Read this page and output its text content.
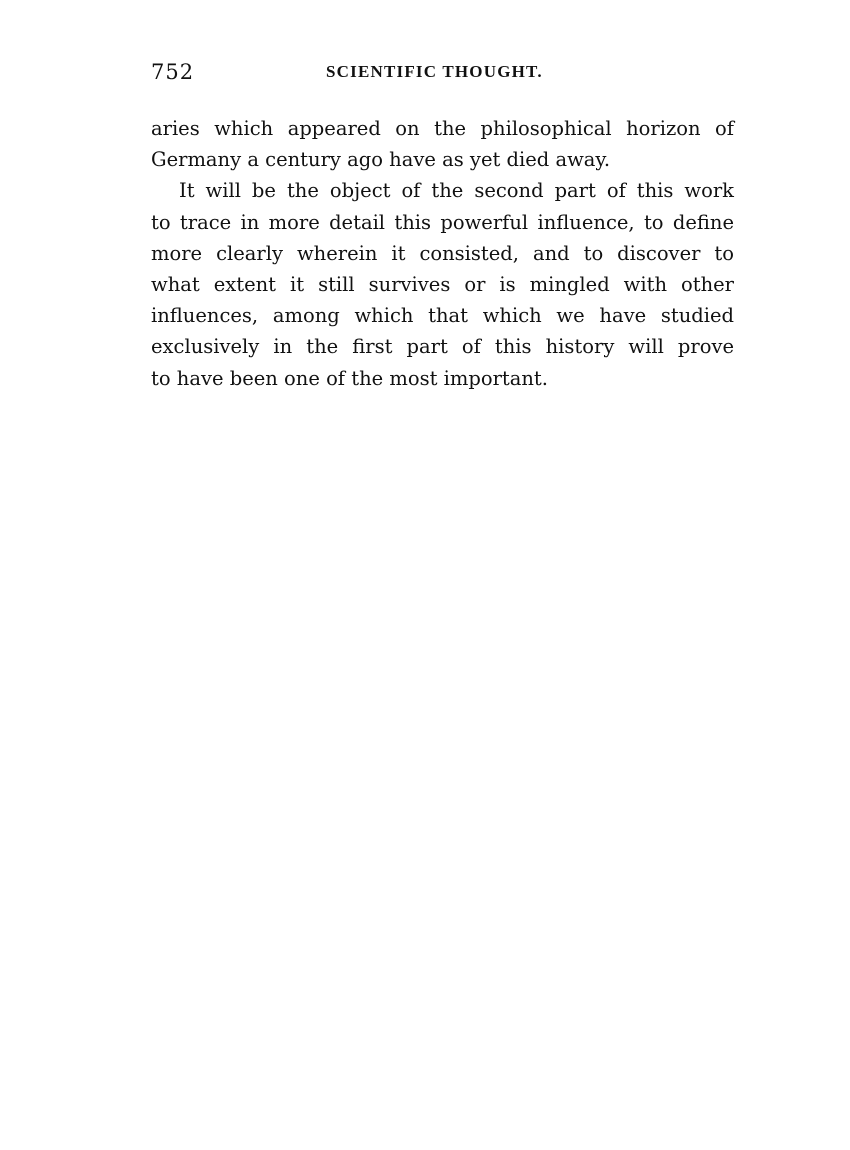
752	SCIENTIFIC THOUGHT.
aries which appeared on the philosophical horizon of
Germany a century ago have as yet died away.
It will be the object of the second part of this work
to trace in more detail this powerful influence, to define
more clearly wherein it consisted, and to discover to
what extent it still survives or is mingled with other
influences, among which that which we have studied
exclusively in the first part of this history will prove
to have been one of the most important.
